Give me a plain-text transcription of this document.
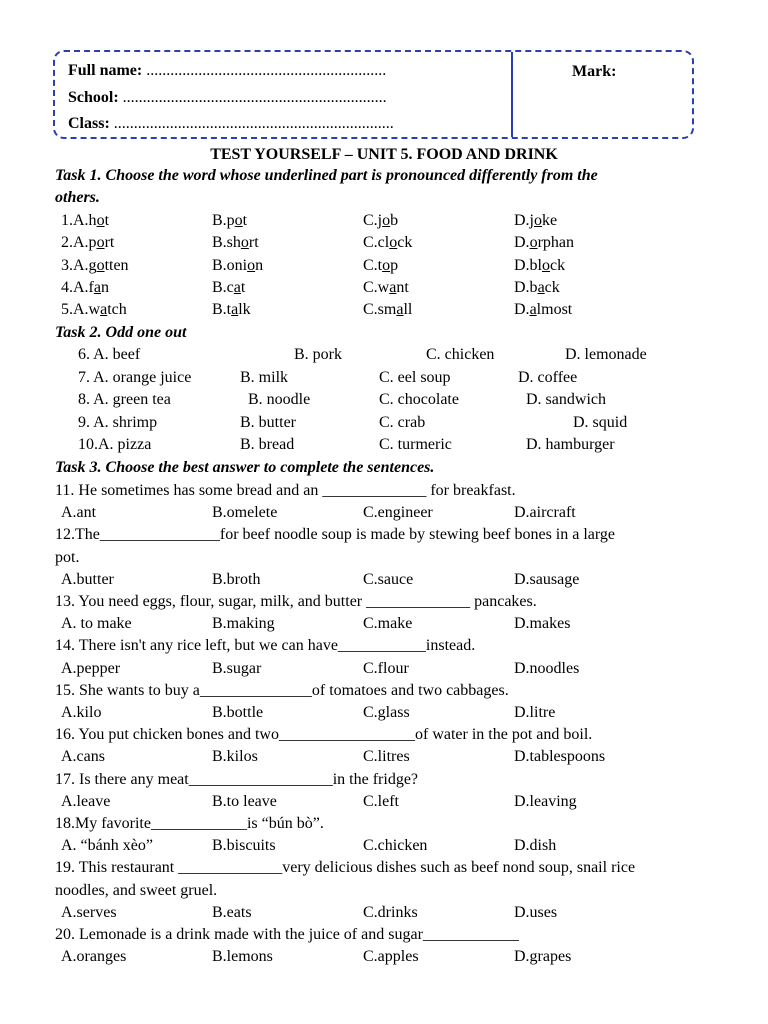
Full name: ............................................................
School: ..................................................................
Class: ......................................................................
Mark:
TEST YOURSELF – UNIT 5. FOOD AND DRINK
Task 1. Choose the word whose underlined part is pronounced differently from the
others.
1.A.hot	B.pot	C.job	D.joke
2.A.port	B.short	C.clock	D.orphan
3.A.gotten	B.onion	C.top	D.block
4.A.fan	B.cat	C.want	D.back
5.A.watch	B.talk	C.small	D.almost
Task 2. Odd one out
6. A. beef	B. pork	C. chicken	D. lemonade
7. A. orange juice	B. milk	C. eel soup	D. coffee
8. A. green tea	B. noodle	C. chocolate	D. sandwich
9. A. shrimp	B. butter	C. crab	D. squid
10.A. pizza	B. bread	C. turmeric	D. hamburger
Task 3. Choose the best answer to complete the sentences.
11. He sometimes has some bread and an _____________ for breakfast.
A.ant	B.omelete	C.engineer	D.aircraft
12.The_______________for beef noodle soup is made by stewing beef bones in a large
pot.
A.butter	B.broth	C.sauce	D.sausage
13. You need eggs, flour, sugar, milk, and butter _____________ pancakes.
A. to make	B.making	C.make	D.makes
14. There isn't any rice left, but we can have___________instead.
A.pepper	B.sugar	C.flour	D.noodles
15. She wants to buy a______________of tomatoes and two cabbages.
A.kilo	B.bottle	C.glass	D.litre
16. You put chicken bones and two_________________of water in the pot and boil.
A.cans	B.kilos	C.litres	D.tablespoons
17. Is there any meat__________________in the fridge?
A.leave	B.to leave	C.left	D.leaving
18.My favorite____________is “bún bò”.
A. “bánh xèo”	B.biscuits	C.chicken	D.dish
19. This restaurant _____________very delicious dishes such as beef nond soup, snail rice
noodles, and sweet gruel.
A.serves	B.eats	C.drinks	D.uses
20. Lemonade is a drink made with the juice of and sugar____________
A.oranges	B.lemons	C.apples	D.grapes
